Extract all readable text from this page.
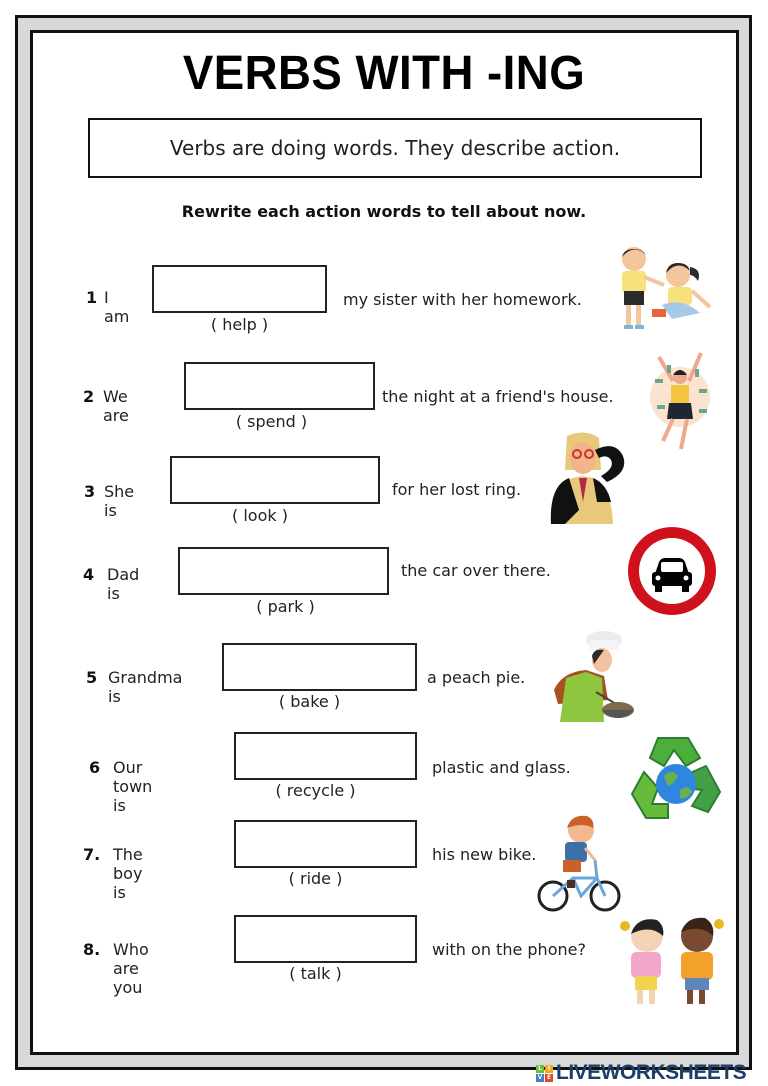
VERBS WITH -ING
Verbs are doing words. They describe action.
Rewrite each action words to tell about now.
1 I am	( help )
my sister with her homework.
2 We are	( spend )
the night at a friend's house.
3 She is	( look )
for her lost ring.
4 Dad is
( park )
the car over there.
5 Grandma is	( bake )
a peach pie.
6 Our town is
( recycle )
plastic and glass.
7. The boy is
( ride )
his new bike.
8. Who are you
( talk )
with on the phone?
L I
V E LIVEWORKSHEETS
